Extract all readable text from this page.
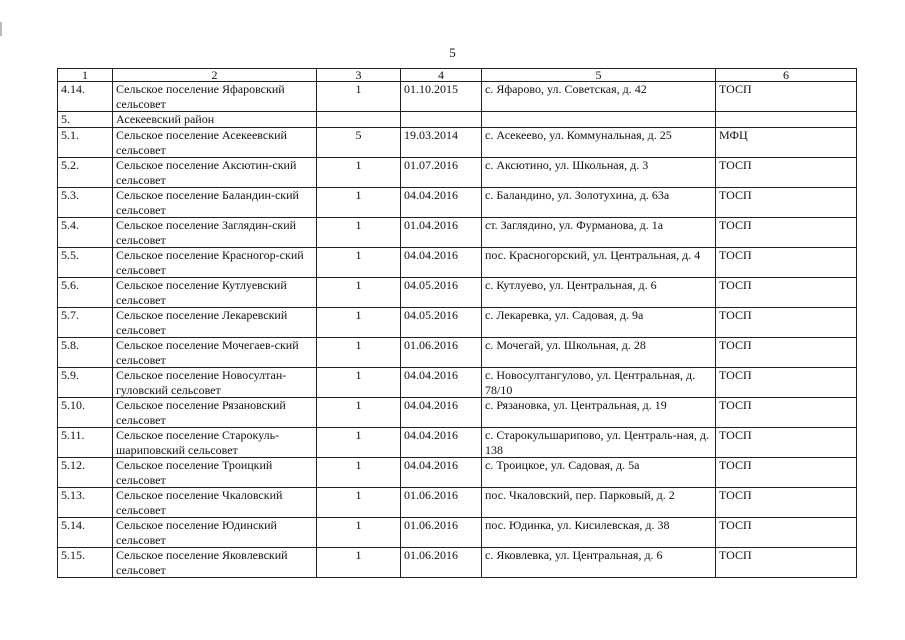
5
1	2	3	4	5	6
4.14.	Сельское поселение Яфаровский сельсовет	1	01.10.2015	с. Яфарово, ул. Советская, д. 42	ТОСП
5.	Асекеевский район				
5.1.	Сельское поселение Асекеевский сельсовет	5	19.03.2014	с. Асекеево, ул. Коммунальная, д. 25	МФЦ
5.2.	Сельское поселение Аксютин-ский сельсовет	1	01.07.2016	с. Аксютино, ул. Школьная, д. 3	ТОСП
5.3.	Сельское поселение Баландин-ский сельсовет	1	04.04.2016	с. Баландино, ул. Золотухина, д. 63а	ТОСП
5.4.	Сельское поселение Заглядин-ский сельсовет	1	01.04.2016	ст. Заглядино, ул. Фурманова, д. 1а	ТОСП
5.5.	Сельское поселение Красногор-ский сельсовет	1	04.04.2016	пос. Красногорский, ул. Центральная, д. 4	ТОСП
5.6.	Сельское поселение Кутлуевский сельсовет	1	04.05.2016	с. Кутлуево, ул. Центральная, д. 6	ТОСП
5.7.	Сельское поселение Лекаревский сельсовет	1	04.05.2016	с. Лекаревка, ул. Садовая, д. 9а	ТОСП
5.8.	Сельское поселение Мочегаев-ский сельсовет	1	01.06.2016	с. Мочегай, ул. Школьная, д. 28	ТОСП
5.9.	Сельское поселение Новосултан-гуловский сельсовет	1	04.04.2016	с. Новосултангулово, ул. Центральная, д. 78/10	ТОСП
5.10.	Сельское поселение Рязановский сельсовет	1	04.04.2016	с. Рязановка, ул. Центральная, д. 19	ТОСП
5.11.	Сельское поселение Старокуль-шариповский сельсовет	1	04.04.2016	с. Старокульшарипово, ул. Централь-ная, д. 138	ТОСП
5.12.	Сельское поселение Троицкий сельсовет	1	04.04.2016	с. Троицкое, ул. Садовая, д. 5а	ТОСП
5.13.	Сельское поселение Чкаловский сельсовет	1	01.06.2016	пос. Чкаловский, пер. Парковый, д. 2	ТОСП
5.14.	Сельское поселение Юдинский сельсовет	1	01.06.2016	пос. Юдинка, ул. Кисилевская, д. 38	ТОСП
5.15.	Сельское поселение Яковлевский сельсовет	1	01.06.2016	с. Яковлевка, ул. Центральная, д. 6	ТОСП
